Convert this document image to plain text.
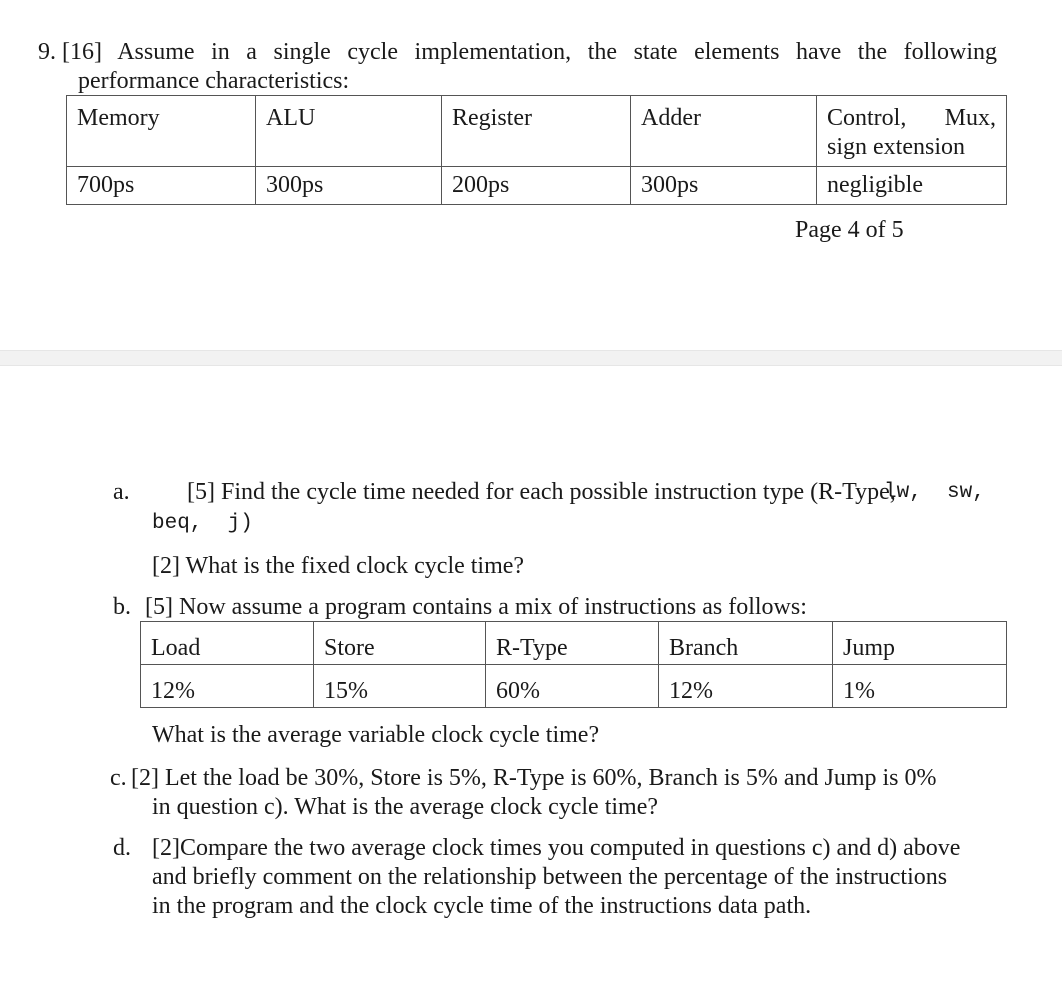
9. [16] Assume in a single cycle implementation, the state elements have the following
performance characteristics:
Memory	ALU	Register	Adder	Control, Mux,
sign extension

700ps	300ps	200ps	300ps	negligible
Page 4 of 5
a. [5] Find the cycle time needed for each possible instruction type (R-Type,
lw,  sw,
beq,  j)
[2] What is the fixed clock cycle time?
b. [5] Now assume a program contains a mix of instructions as follows:
Load	Store	R-Type	Branch	Jump
12%	15%	60%	12%	1%
What is the average variable clock cycle time?
c. [2] Let the load be 30%, Store is 5%, R-Type is 60%, Branch is 5% and Jump is 0%
in question c). What is the average clock cycle time?
d. [2]Compare the two average clock times you computed in questions c) and d) above
and briefly comment on the relationship between the percentage of the instructions
in the program and the clock cycle time of the instructions data path.
